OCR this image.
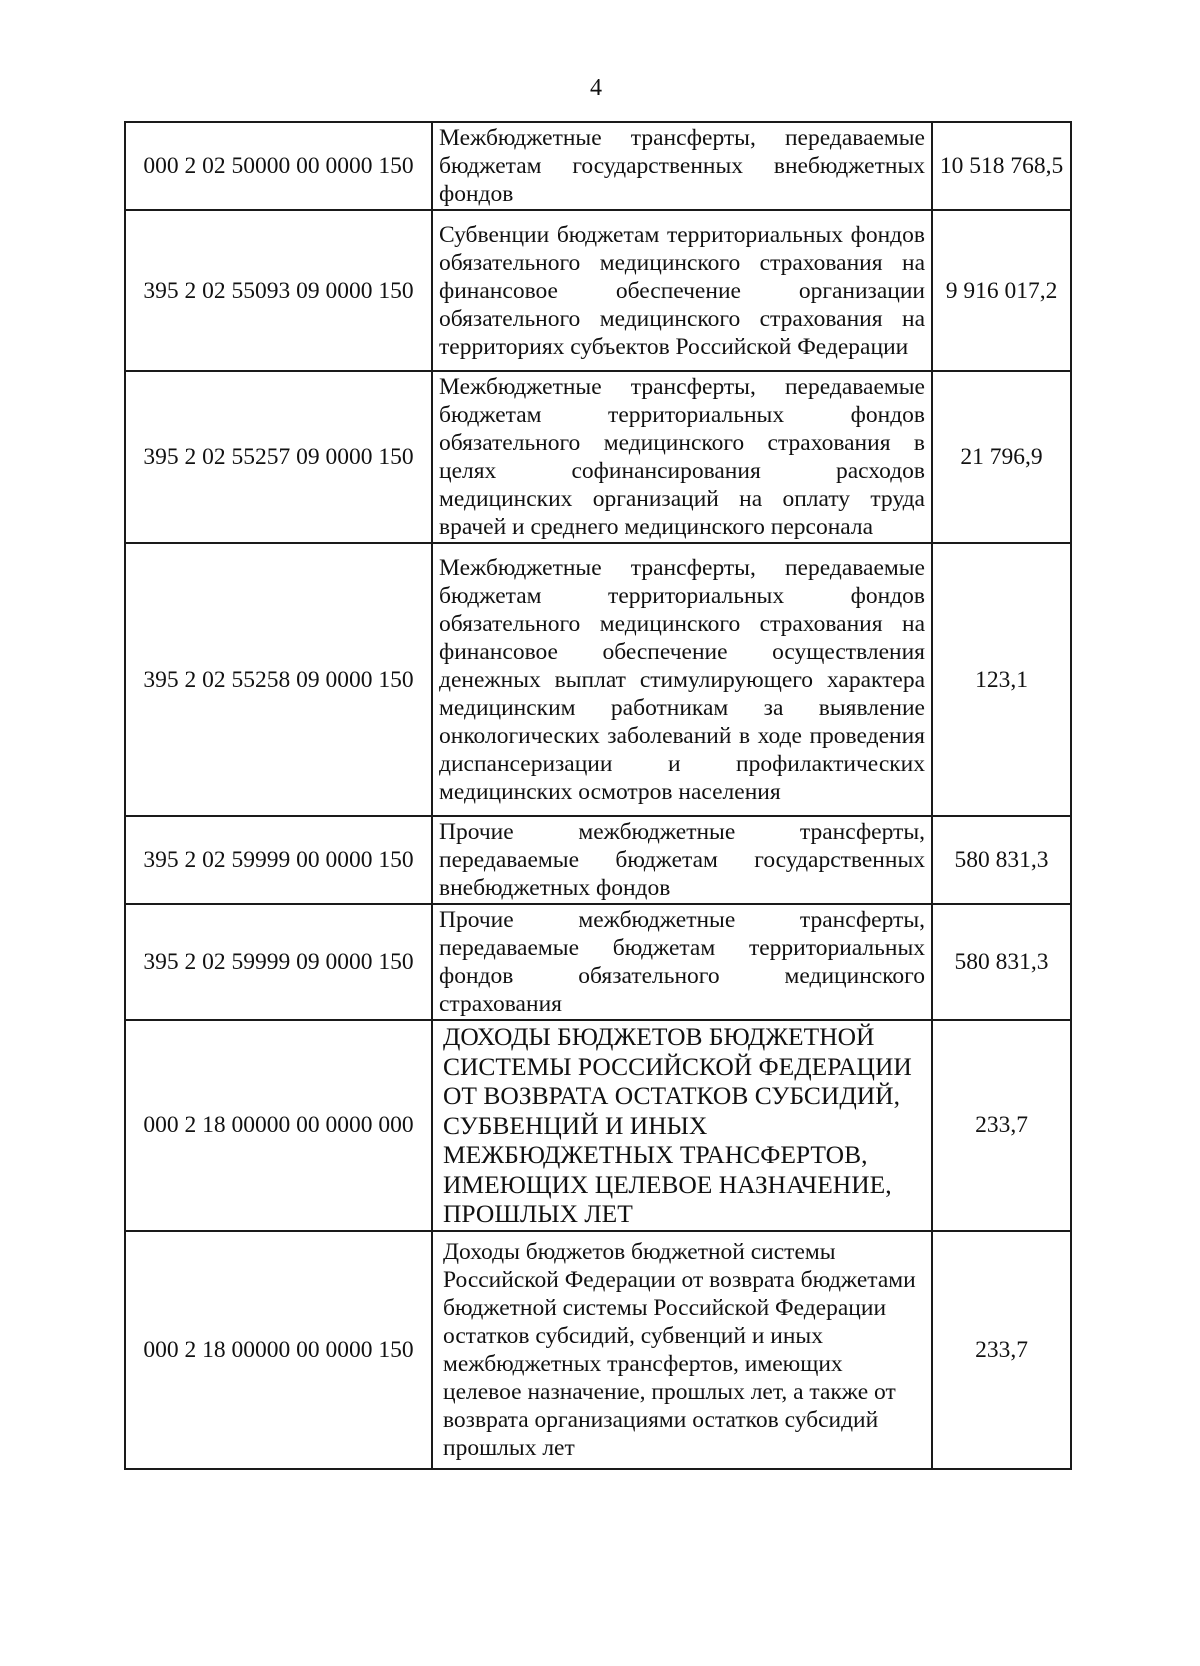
4
000 2 02 50000 00 0000 150	Межбюджетные трансферты, передаваемые бюджетам государственных внебюджетных фондов	10 518 768,5
395 2 02 55093 09 0000 150	Субвенции бюджетам территориальных фондов обязательного медицинского страхования на финансовое обеспечение организации обязательного медицинского страхования на территориях субъектов Российской Федерации	9 916 017,2
395 2 02 55257 09 0000 150	Межбюджетные трансферты, передаваемые бюджетам территориальных фондов обязательного медицинского страхования в целях софинансирования расходов медицинских организаций на оплату труда врачей и среднего медицинского персонала	21 796,9
395 2 02 55258 09 0000 150	Межбюджетные трансферты, передаваемые бюджетам территориальных фондов обязательного медицинского страхования на финансовое обеспечение осуществления денежных выплат стимулирующего характера медицинским работникам за выявление онкологических заболеваний в ходе проведения диспансеризации и профилактических медицинских осмотров населения	123,1
395 2 02 59999 00 0000 150	Прочие межбюджетные трансферты, передаваемые бюджетам государственных внебюджетных фондов	580 831,3
395 2 02 59999 09 0000 150	Прочие межбюджетные трансферты, передаваемые бюджетам территориальных фондов обязательного медицинского страхования	580 831,3
000 2 18 00000 00 0000 000	ДОХОДЫ БЮДЖЕТОВ БЮДЖЕТНОЙ СИСТЕМЫ РОССИЙСКОЙ ФЕДЕРАЦИИ ОТ ВОЗВРАТА ОСТАТКОВ СУБСИДИЙ, СУБВЕНЦИЙ И ИНЫХ МЕЖБЮДЖЕТНЫХ ТРАНСФЕРТОВ, ИМЕЮЩИХ ЦЕЛЕВОЕ НАЗНАЧЕНИЕ, ПРОШЛЫХ ЛЕТ	233,7
000 2 18 00000 00 0000 150	Доходы бюджетов бюджетной системы Российской Федерации от возврата бюджетами бюджетной системы Российской Федерации остатков субсидий, субвенций и иных межбюджетных трансфертов, имеющих целевое назначение, прошлых лет, а также от возврата организациями остатков субсидий прошлых лет	233,7
